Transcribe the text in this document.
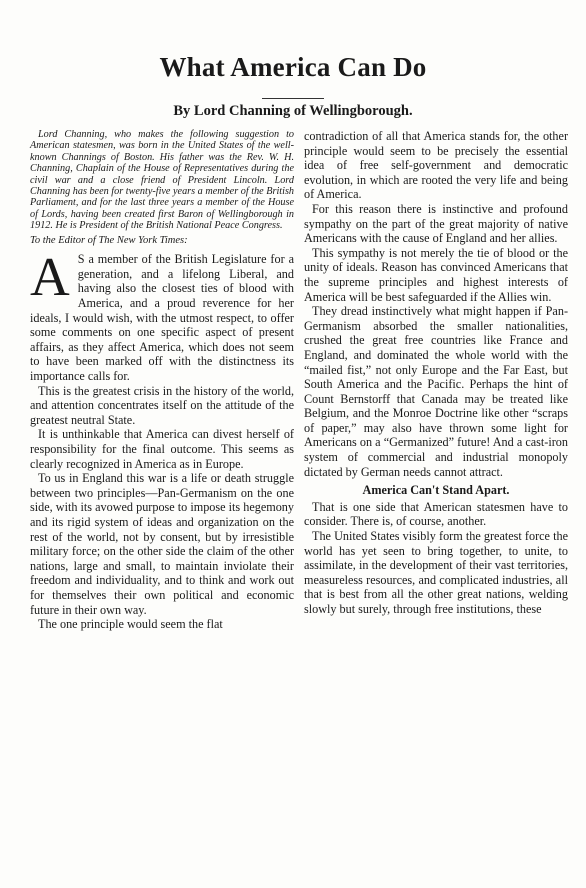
What America Can Do
By Lord Channing of Wellingborough.

Lord Channing, who makes the following suggestion to American statesmen, was born in the United States of the well-known Channings of Boston. His father was the Rev. W. H. Channing, Chaplain of the House of Representatives during the civil war and a close friend of President Lincoln. Lord Channing has been for twenty-five years a member of the British Parliament, and for the last three years a member of the House of Lords, having been created first Baron of Wellingborough in 1912. He is President of the British National Peace Congress.

To the Editor of The New York Times:

A S a member of the British Legislature for a generation, and a lifelong Liberal, and having also the closest ties of blood with America, and a proud reverence for her ideals, I would wish, with the utmost respect, to offer some comments on one specific aspect of present affairs, as they affect America, which does not seem to have been marked off with the distinctness its importance calls for.

This is the greatest crisis in the history of the world, and attention concentrates itself on the attitude of the greatest neutral State.

It is unthinkable that America can divest herself of responsibility for the final outcome. This seems as clearly recognized in America as in Europe.

To us in England this war is a life or death struggle between two principles—Pan-Germanism on the one side, with its avowed purpose to impose its hegemony and its rigid system of ideas and organization on the rest of the world, not by consent, but by irresistible military force; on the other side the claim of the other nations, large and small, to maintain inviolate their freedom and individuality, and to think and work out for themselves their own political and economic future in their own way.

The one principle would seem the flat

contradiction of all that America stands for, the other principle would seem to be precisely the essential idea of free self-government and democratic evolution, in which are rooted the very life and being of America.

For this reason there is instinctive and profound sympathy on the part of the great majority of native Americans with the cause of England and her allies.

This sympathy is not merely the tie of blood or the unity of ideals. Reason has convinced Americans that the supreme principles and highest interests of America will be best safeguarded if the Allies win.

They dread instinctively what might happen if Pan-Germanism absorbed the smaller nationalities, crushed the great free countries like France and England, and dominated the whole world with the “mailed fist,” not only Europe and the Far East, but South America and the Pacific. Perhaps the hint of Count Bernstorff that Canada may be treated like Belgium, and the Monroe Doctrine like other “scraps of paper,” may also have thrown some light for Americans on a “Germanized” future! And a cast-iron system of commercial and industrial monopoly dictated by German needs cannot attract.

America Can't Stand Apart.

That is one side that American statesmen have to consider. There is, of course, another.

The United States visibly form the greatest force the world has yet seen to bring together, to unite, to assimilate, in the development of their vast territories, measureless resources, and complicated industries, all that is best from all the other great nations, welding slowly but surely, through free institutions, these
